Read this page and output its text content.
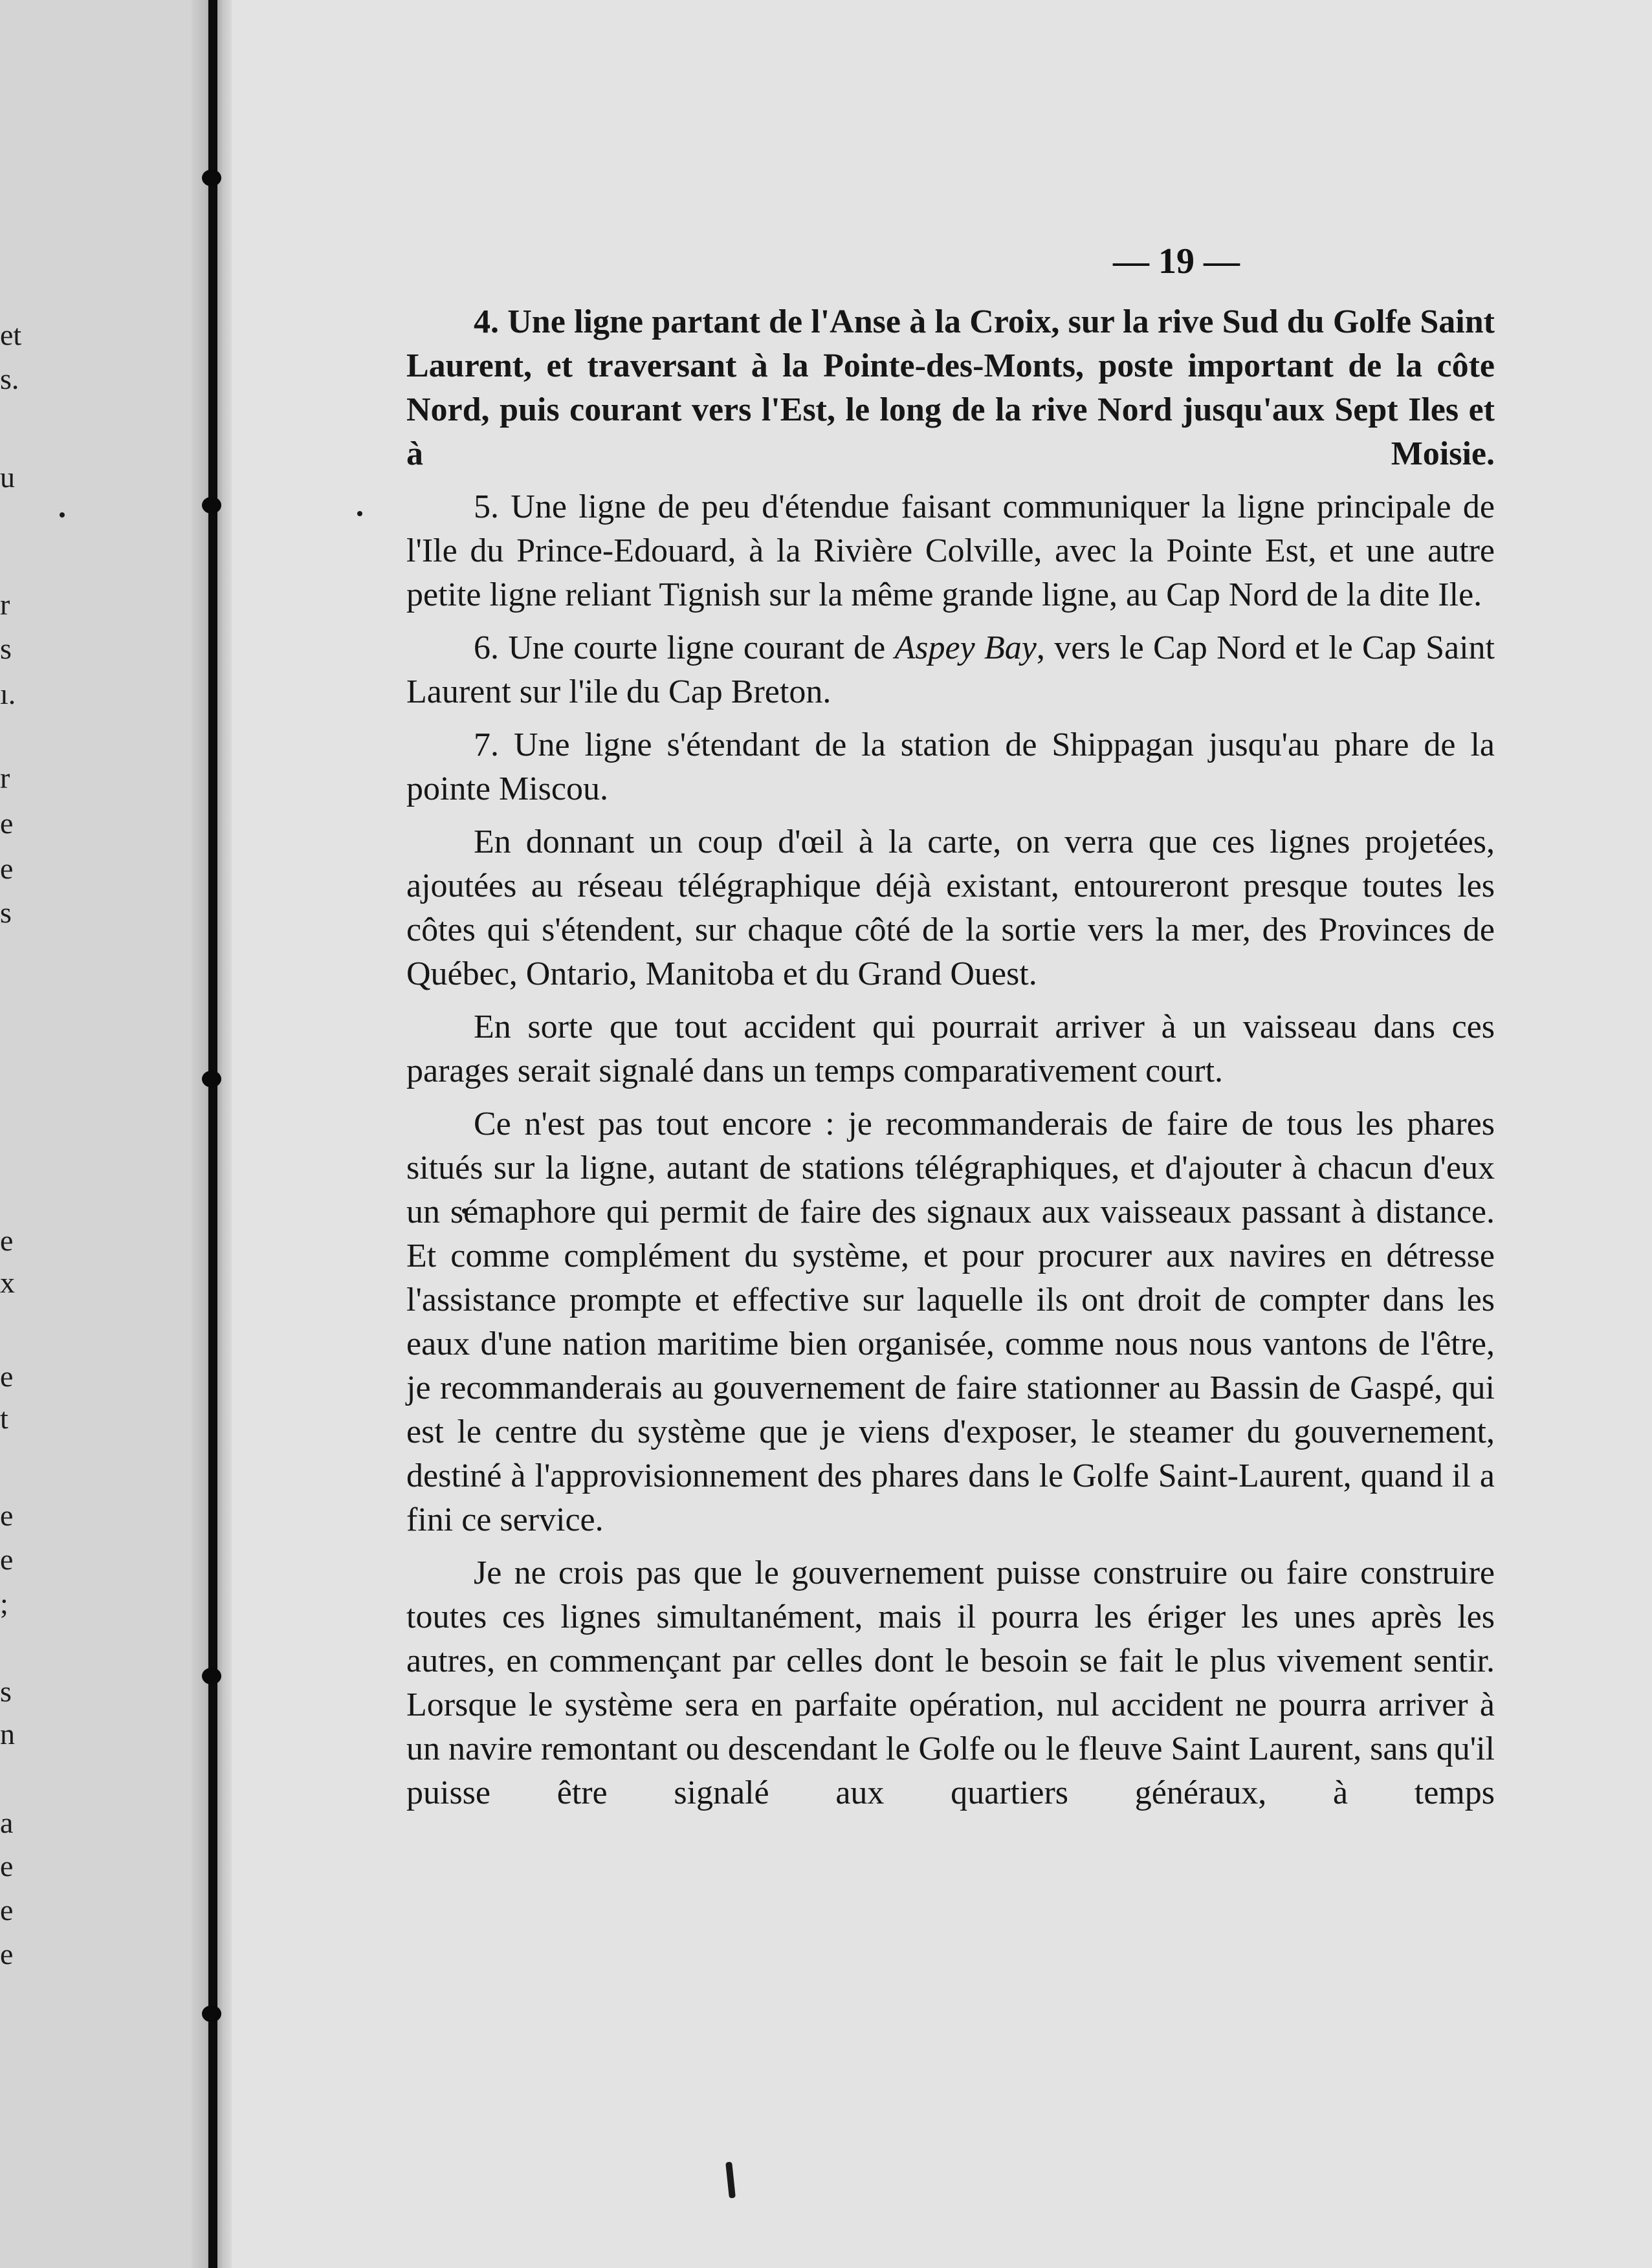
et
s.
u
r
s
ı.
r
e
e
s
e
x
e
t
e
e
;
s
n
a
e
e
e
— 19 —

4. Une ligne partant de l'Anse à la Croix, sur la rive Sud du Golfe Saint Laurent, et traversant à la Pointe-des-Monts, poste important de la côte Nord, puis courant vers l'Est, le long de la rive Nord jusqu'aux Sept Iles et à Moisie.

5. Une ligne de peu d'étendue faisant communiquer la ligne principale de l'Ile du Prince-Edouard, à la Rivière Colville, avec la Pointe Est, et une autre petite ligne reliant Tignish sur la même grande ligne, au Cap Nord de la dite Ile.

6. Une courte ligne courant de Aspey Bay, vers le Cap Nord et le Cap Saint Laurent sur l'ile du Cap Breton.

7. Une ligne s'étendant de la station de Shippagan jusqu'au phare de la pointe Miscou.

En donnant un coup d'œil à la carte, on verra que ces lignes projetées, ajoutées au réseau télégraphique déjà existant, entoureront presque toutes les côtes qui s'étendent, sur chaque côté de la sortie vers la mer, des Provinces de Québec, Ontario, Manitoba et du Grand Ouest.

En sorte que tout accident qui pourrait arriver à un vaisseau dans ces parages serait signalé dans un temps comparativement court.

Ce n'est pas tout encore : je recommanderais de faire de tous les phares situés sur la ligne, autant de stations télégraphiques, et d'ajouter à chacun d'eux un sémaphore qui permit de faire des signaux aux vaisseaux passant à distance. Et comme complément du système, et pour procurer aux navires en détresse l'assistance prompte et effective sur laquelle ils ont droit de compter dans les eaux d'une nation maritime bien organisée, comme nous nous vantons de l'être, je recommanderais au gouvernement de faire stationner au Bassin de Gaspé, qui est le centre du système que je viens d'exposer, le steamer du gouvernement, destiné à l'approvisionnement des phares dans le Golfe Saint-Laurent, quand il a fini ce service.

Je ne crois pas que le gouvernement puisse construire ou faire construire toutes ces lignes simultanément, mais il pourra les ériger les unes après les autres, en commençant par celles dont le besoin se fait le plus vivement sentir. Lorsque le système sera en parfaite opération, nul accident ne pourra arriver à un navire remontant ou descendant le Golfe ou le fleuve Saint Laurent, sans qu'il puisse être signalé aux quartiers généraux, à temps
